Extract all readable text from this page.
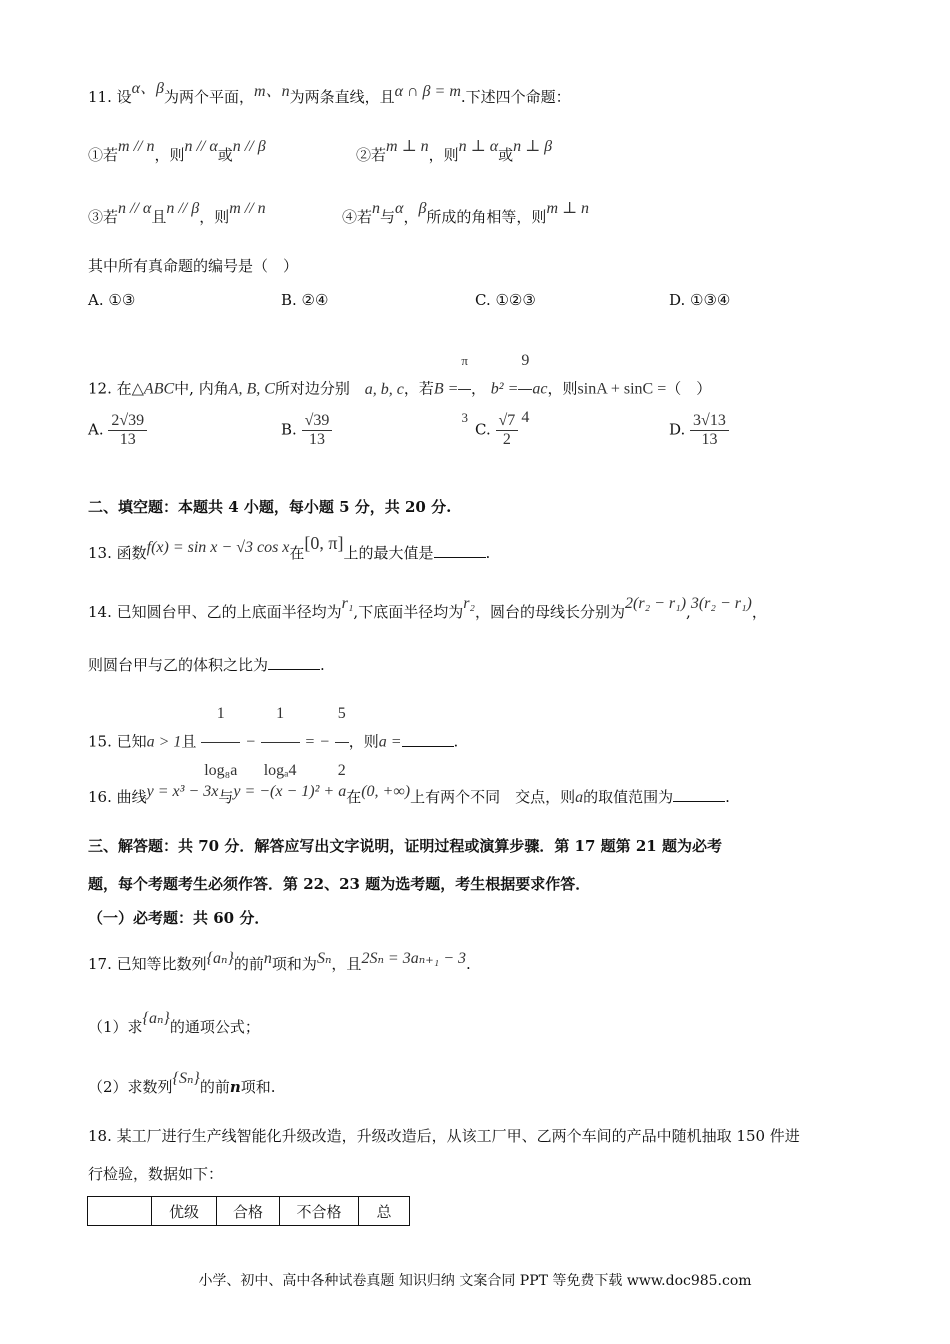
11. 设α、β为两个平面，m、n为两条直线，且α ∩ β = m.下述四个命题：
①若m // n，则n // α或n // β	②若m ⊥ n，则n ⊥ α或n ⊥ β
③若n // α且n // β，则m // n	④若n与α，β所成的角相等，则m ⊥ n
其中所有真命题的编号是（　）
A. ①③	B. ②④	C. ①②③	D. ①③④
12. 在△ABC中, 内角A, B, C所对边分别 a, b, c，若$B = \frac{\pi}{3}$ ， $b^2 = \frac{9}{4}$ ac，则sinA + sinC =（　）
A. $\frac{2√39}{13}$	B. $\frac{√39}{13}$	C. $\frac{√7}{2}$	D. $\frac{3√13}{13}$
二、填空题：本题共 4 小题，每小题 5 分，共 20 分.
13. 函数f(x) = sin x − √3 cos x在[0, π]上的最大值是	.
14. 已知圆台甲、乙的上底面半径均为r₁,下底面半径均为r₂，圆台的母线长分别为2(r₂ − r₁),3(r₂ − r₁)，
则圆台甲与乙的体积之比为	.
15. 已知a > 1且 $\frac{1}{\text{log₈a}} - \frac{1}{\text{logₐ4}}$ = − $\frac{5}{2}$ ，则a =	.
16. 曲线y = x³ − 3x与y = −(x − 1)² + a在(0, +∞)上有两个不同　交点，则a的取值范围为	.
三、解答题：共 70 分．解答应写出文字说明，证明过程或演算步骤．第 17 题第 21 题为必考
题，每个考题考生必须作答．第 22、23 题为选考题，考生根据要求作答．
（一）必考题：共 60 分．
17. 已知等比数列{aₙ}的前n项和为Sₙ，且2Sₙ = 3aₙ₊₁ − 3.
（1）求{aₙ}的通项公式；
（2）求数列{Sₙ}的前n项和.
18. 某工厂进行生产线智能化升级改造，升级改造后，从该工厂甲、乙两个车间的产品中随机抽取 150 件进
行检验，数据如下：
	优级	合格	不合格	总
小学、初中、高中各种试卷真题 知识归纳 文案合同 PPT 等免费下载 www.doc985.com
